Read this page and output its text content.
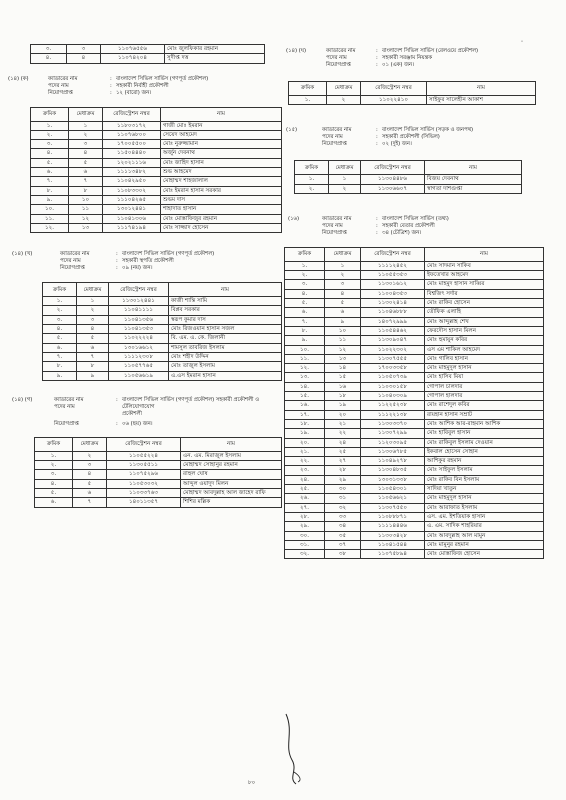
৩.	৩	১১০৭৬৫৫৬	মোঃ জুলফিকার রহমান
৪.	৪	১১০৭৪২০৪	সুদীপ্ত দত্ত
(১৪) (ক)	ক্যাডারের নাম	: বাংলাদেশ সিভিল সার্ভিস (গণপূর্ত প্রকৌশল)
পদের নাম	: সহকারী নির্বাহী প্রকৌশলী
নিয়োগপ্রাপ্ত	: ১২ (বারো) জন।
ক্রমিক	মেধাক্রম	রেজিস্ট্রেশন নম্বর	নাম
১.	১	১১৮০৩১৭২	গাজী মোঃ ইমরান
২.	২	১১০৭৬৮০০	সেয়েদ আহমেদ
৩.	৩	১৭০০৫৫০০	মোঃ নুরুজ্জামান
৪.	৪	১১৫০৪৪৪০	অর্জুন দেবনাথ
৫.	৫	১২০২১১১৬	মোঃ জাহিদ হাসান
৬.	৬	১১১১৩৪৮২	শুভ আহমেদ
৭.	৭	১১০৪২৯৫০	মোহাম্মদ শাহজালাল
৮.	৮	১১০৮৩৩০২	মোঃ ইমরান হাসান সরকার
৯.	১০	১১১০৪২৬৫	শুভম দাস
১০.	১১	১৩০১২৪৪১	শাহাদাত হাসান
১১.	১২	১১০৪১৩০৬	মোঃ মোস্তাফিজুর রহমান
১২.	১৩	১১১৭৪১৯৪	মোঃ সাজ্জাদ হোসেন
(১৪) (খ)	ক্যাডারের নাম	: বাংলাদেশ সিভিল সার্ভিস (গণপূর্ত প্রকৌশল)
পদের নাম	: সহকারী স্থপতি প্রকৌশলী
নিয়োগপ্রাপ্ত	: ০৯ (নয়) জন।
ক্রমিক	মেধাক্রম	রেজিস্ট্রেশন নম্বর	নাম
১.	১	১১৩০১২৪৪১	কাজী শান্তি সামি
২.	২	১১০৪১১১১	বিপ্লব সরকার
৩.	৩	১১০৪১৩৫৬	স্বরূপ কুমার দাস
৪.	৪	১১০৪১৩৫৩	মোঃ রিজওয়ান হাসান সজল
৫.	৫	১১০২২২২৪	বি. এম. এ. কে. জিলানী
৬.	৬	১৩০১৬৬১২	শামসুল তাবরিজ ইসলাম
৭.	৭	১১১১২৩০৮	মোঃ শহীদ উদ্দিন
৮.	৮	১১০৫৭৭৬৫	মোঃ তাজুল ইসলাম
৯.	৯	১১০৫৬৬১৯	এ.এস ইমরান হাসান
(১৪) (গ)	ক্যাডারের নাম	: বাংলাদেশ সিভিল সার্ভিস (গণপূর্ত প্রকৌশল) সহকারী প্রকৌশলী ও টেলিযোগাযোগ
পদের নাম
প্রকৌশলী
নিয়োগপ্রাপ্ত	: ০৬ (ছয়) জন।
ক্রমিক	মেধাক্রম	রেজিস্ট্রেশন নম্বর	নাম
১.	২	১১০৫৫২২৪	এন. এম. মিরাজুল ইসলাম
২.	৩	১১৩০৫৫১১	মোহাম্মদ সোহানুর রহমান
৩.	৪	১১০৭৫২৯৬	রাহুল ঘোষ
৪.	৫	১১০৫৩০৩২	আব্দুল ওয়াদুদ মিলন
৫.	৬	১১০৩৩৭৬৩	মোহাম্মদ আবদুল্লাহ আল জাহেদ রাফি
৬.	৭	১৪০১১৩৫৭	শিশির মল্লিক
(১৪) (ঘ)	ক্যাডারের নাম	: বাংলাদেশ সিভিল সার্ভিস (রেলওয়ে প্রকৌশল)
পদের নাম	: সহকারী সরঞ্জাম নিয়ন্ত্রক
নিয়োগপ্রাপ্ত	: ০১ (এক) জন।
ক্রমিক	মেধাক্রম	রেজিস্ট্রেশন নম্বর	নাম
১.	২	১১০২২৪১০	সাইফুর সালেহীন আকাশ
(১৫)	ক্যাডারের নাম	: বাংলাদেশ সিভিল সার্ভিস (সড়ক ও জনপথ)
পদের নাম	: সহকারী প্রকৌশলী (সিভিল)
নিয়োগপ্রাপ্ত	: ০২ (দুই) জন।
ক্রমিক	মেধাক্রম	রেজিস্ট্রেশন নম্বর	নাম
১.	১	১১৩০৪৪৮৬	বিজয় দেবনাথ
২.	২	১১৩০৬৬০৭	স্বাগতা দাশগুপ্তা
(১৬)	ক্যাডারের নাম	: বাংলাদেশ সিভিল সার্ভিস (তথ্য)
পদের নাম	: সহকারী বেতার প্রকৌশলী
নিয়োগপ্রাপ্ত	: ৩৪ (চৌত্রিশ) জন।
ক্রমিক	মেধাক্রম	রেজিস্ট্রেশন নম্বর	নাম
১.	১	১১১১২৪৫২	মোঃ সাদমান সাকিব
২.	২	১১০৫৫৩৫৩	ইফতেখার আহমেদ
৩.	৩	১১৩০১৬১২	মোঃ মাহমুদ হাসান সাব্বির
৪.	৪	১১০০৪৩৫৩	বিশ্বজিৎ সর্দার
৫.	৫	১১৩০২৪১৪	মোঃ রাকিব হোসেন
৬.	৬	১১০৪৬৮৮৮	তৌফিক এলাহি
৭.	৯	১৪০৭২৯৯৯	মোঃ আব্দুল্লাহ শেখ
৮.	১০	১১০৫৪৪৬২	ফেরদৌস হাসান মিলন
৯.	১১	১১৩০৯০৪৭	মোঃ হুমায়ুন কবির
১০.	১২	১১০২২৩০২	এস এম শাকিল আহমেদ
১১.	১৩	১১৩০৭৫৫৫	মোঃ গালিব হাসান
১২.	১৪	১৭০০৩৩৫৮	মোঃ মাহমুদুল হাসান
১৩.	১৫	১১০৫০৭৩৯	মোঃ হাসিব মিয়া
১৪.	১৬	১১০৩০১৫৮	গোপাল চালদার
১৫.	১৮	১১০৪০৩০৯	গোপাল হালদার
১৬.	১৯	১১২২৫২৩৮	মোঃ রাশেদুল কবির
১৭.	২০	১১১২২১৩৮	রায়হান হাসান সম্রাট
১৮.	২১	১১৩০৩৩৭০	মোঃ আশিক আর-রাহমান আশিক
১৯.	২২	১১৩০৭২৯৯	মোঃ হাবিবুল হাসান
২০.	২৪	১১২০৩০৯৫	মোঃ রাকিবুল ইসলাম দেওয়ান
২১.	২৫	১১৩০৬৭৮৫	ইকবাল হোসেন সোহান
২২.	২৭	১১০৪৯২৭৮	আশিকুর রহমান
২৩.	২৮	১১৩০৪৮৩৫	মোঃ সাইফুল ইসলাম
২৪.	২৯	১৩০৩১৩৩৮	মোঃ রাকিব বিন ইসলাম
২৫.	৩০	১১০৫৪৩০১	সাদিয়া খাতুন
২৬.	৩১	১১০৫৬৬২১	মোঃ মাহমুদুল হাসান
২৭.	৩২	১১৩০৭৫৫০	মোঃ আরাফাত ইসলাম
২৮.	৩৩	১১০৮৮৮৭১	এস. এম. ইশতিয়াক হাসান
২৯.	৩৪	১১১১৪৪৪৬	এ. এম. সাদিক শাহরিয়ার
৩০.	৩৫	১১৩০৩৪২৮	মোঃ আবদুল্লাহ আল মামুন
৩১.	৩৭	১১০৪১৫৪৪	মোঃ মামুনুর রহমান
৩২.	৩৮	১১০৭৫৮৯৪	মোঃ মোস্তাফিজ হোসেন
˙
৮০
